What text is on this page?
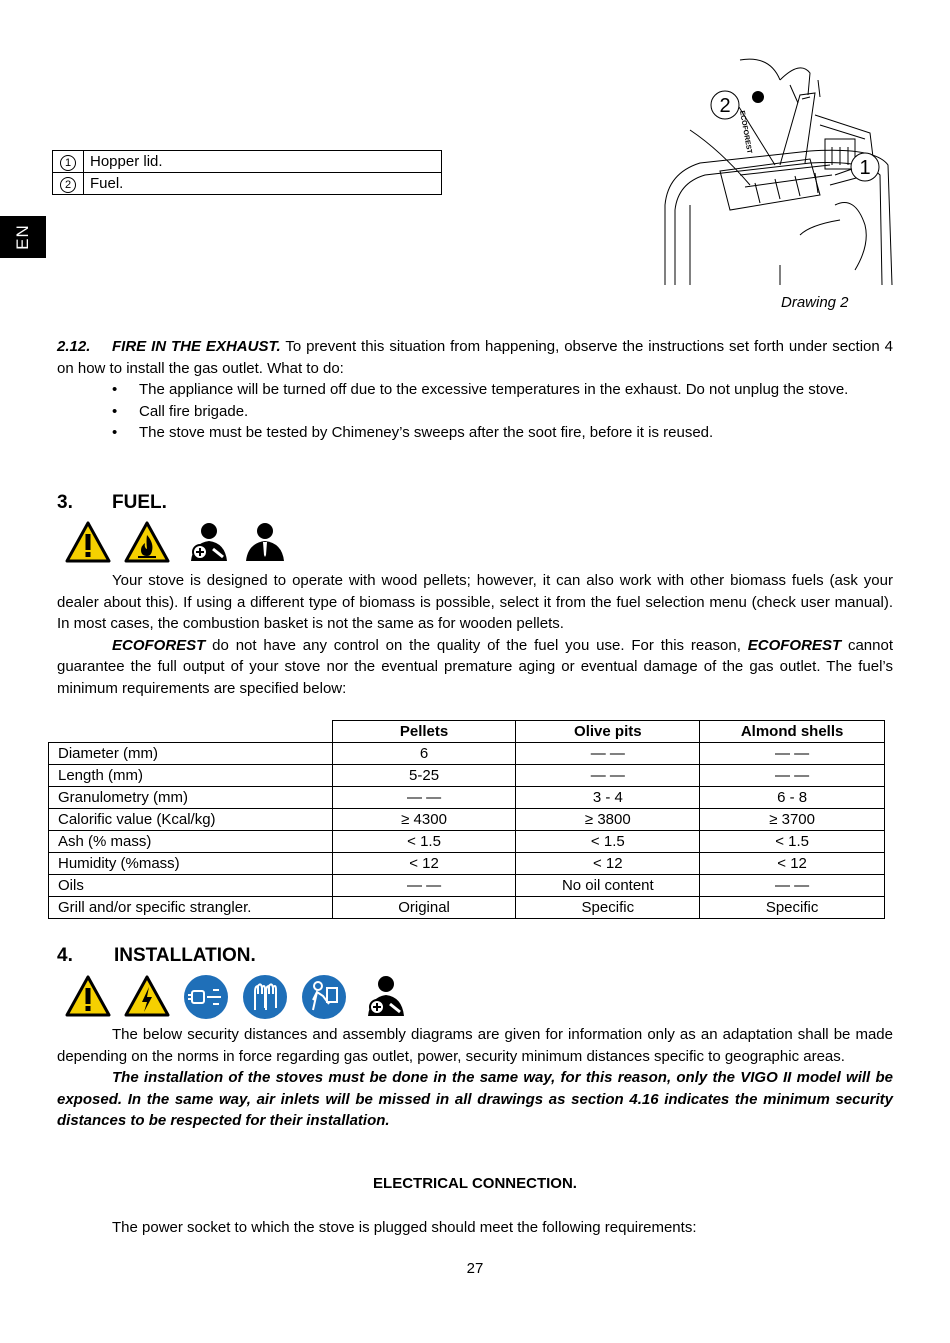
EN
1	Hopper lid.
2	Fuel.
1
2
ECOFOREST
Drawing 2
2.12. FIRE IN THE EXHAUST. To prevent this situation from happening, observe the instructions set forth under section 4 on how to install the gas outlet. What to do:
• The appliance will be turned off due to the excessive temperatures in the exhaust. Do not unplug the stove.
• Call fire brigade.
• The stove must be tested by Chimeney’s sweeps after the soot fire, before it is reused.
3. FUEL.
Your stove is designed to operate with wood pellets; however, it can also work with other biomass fuels (ask your dealer about this). If using a different type of biomass is possible, select it from the fuel selection menu (check user manual). In most cases, the combustion basket is not the same as for wooden pellets.
ECOFOREST do not have any control on the quality of the fuel you use. For this reason, ECOFOREST cannot guarantee the full output of your stove nor the eventual premature aging or eventual damage of the gas outlet. The fuel’s minimum requirements are specified below:
	Pellets	Olive pits	Almond shells
Diameter (mm)	6	— —	— —
Length (mm)	5-25	— —	— —
Granulometry (mm)	— —	3 - 4	6 - 8
Calorific value (Kcal/kg)	≥ 4300	≥ 3800	≥ 3700
Ash (% mass)	< 1.5	< 1.5	< 1.5
Humidity (%mass)	< 12	< 12	< 12
Oils	— —	No oil content	— —
Grill and/or specific strangler.	Original	Specific	Specific
4. INSTALLATION.
The below security distances and assembly diagrams are given for information only as an adaptation shall be made depending on the norms in force regarding gas outlet, power, security minimum distances specific to geographic areas.
The installation of the stoves must be done in the same way, for this reason, only the VIGO II model will be exposed. In the same way, air inlets will be missed in all drawings as section 4.16 indicates the minimum security distances to be respected for their installation.
ELECTRICAL CONNECTION.
The power socket to which the stove is plugged should meet the following requirements:
27
